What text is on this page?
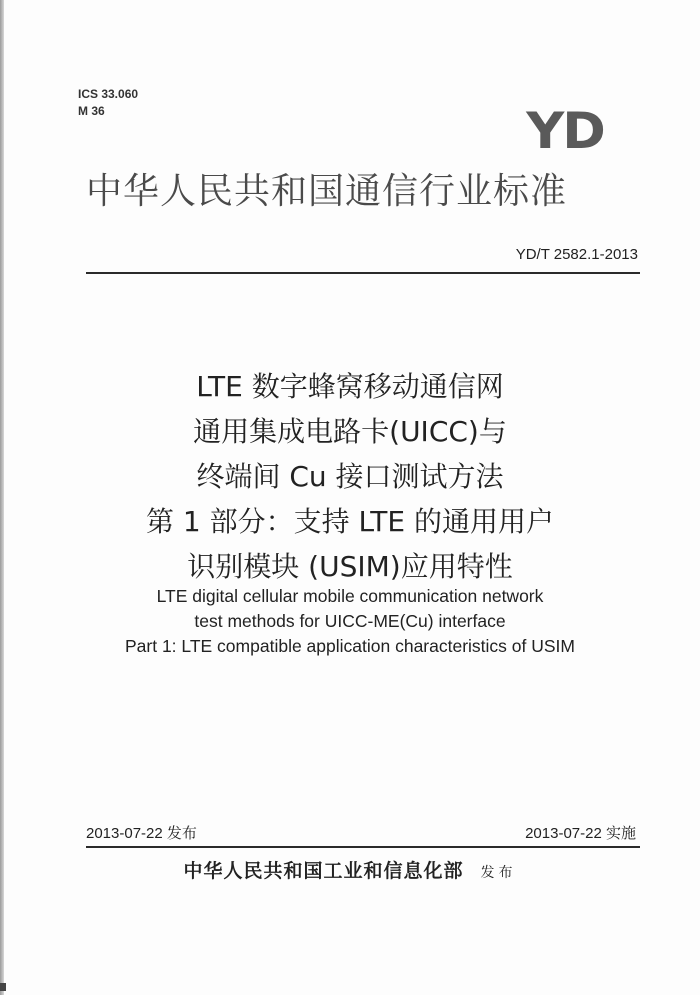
ICS 33.060
M 36	YD
中华人民共和国通信行业标准
YD/T 2582.1-2013
LTE 数字蜂窝移动通信网
通用集成电路卡(UICC)与
终端间 Cu 接口测试方法
第 1 部分：支持 LTE 的通用用户
识别模块 (USIM)应用特性
LTE digital cellular mobile communication network
test methods for UICC-ME(Cu) interface
Part 1: LTE compatible application characteristics of USIM
2013-07-22 发布	2013-07-22 实施
中华人民共和国工业和信息化部 发布
